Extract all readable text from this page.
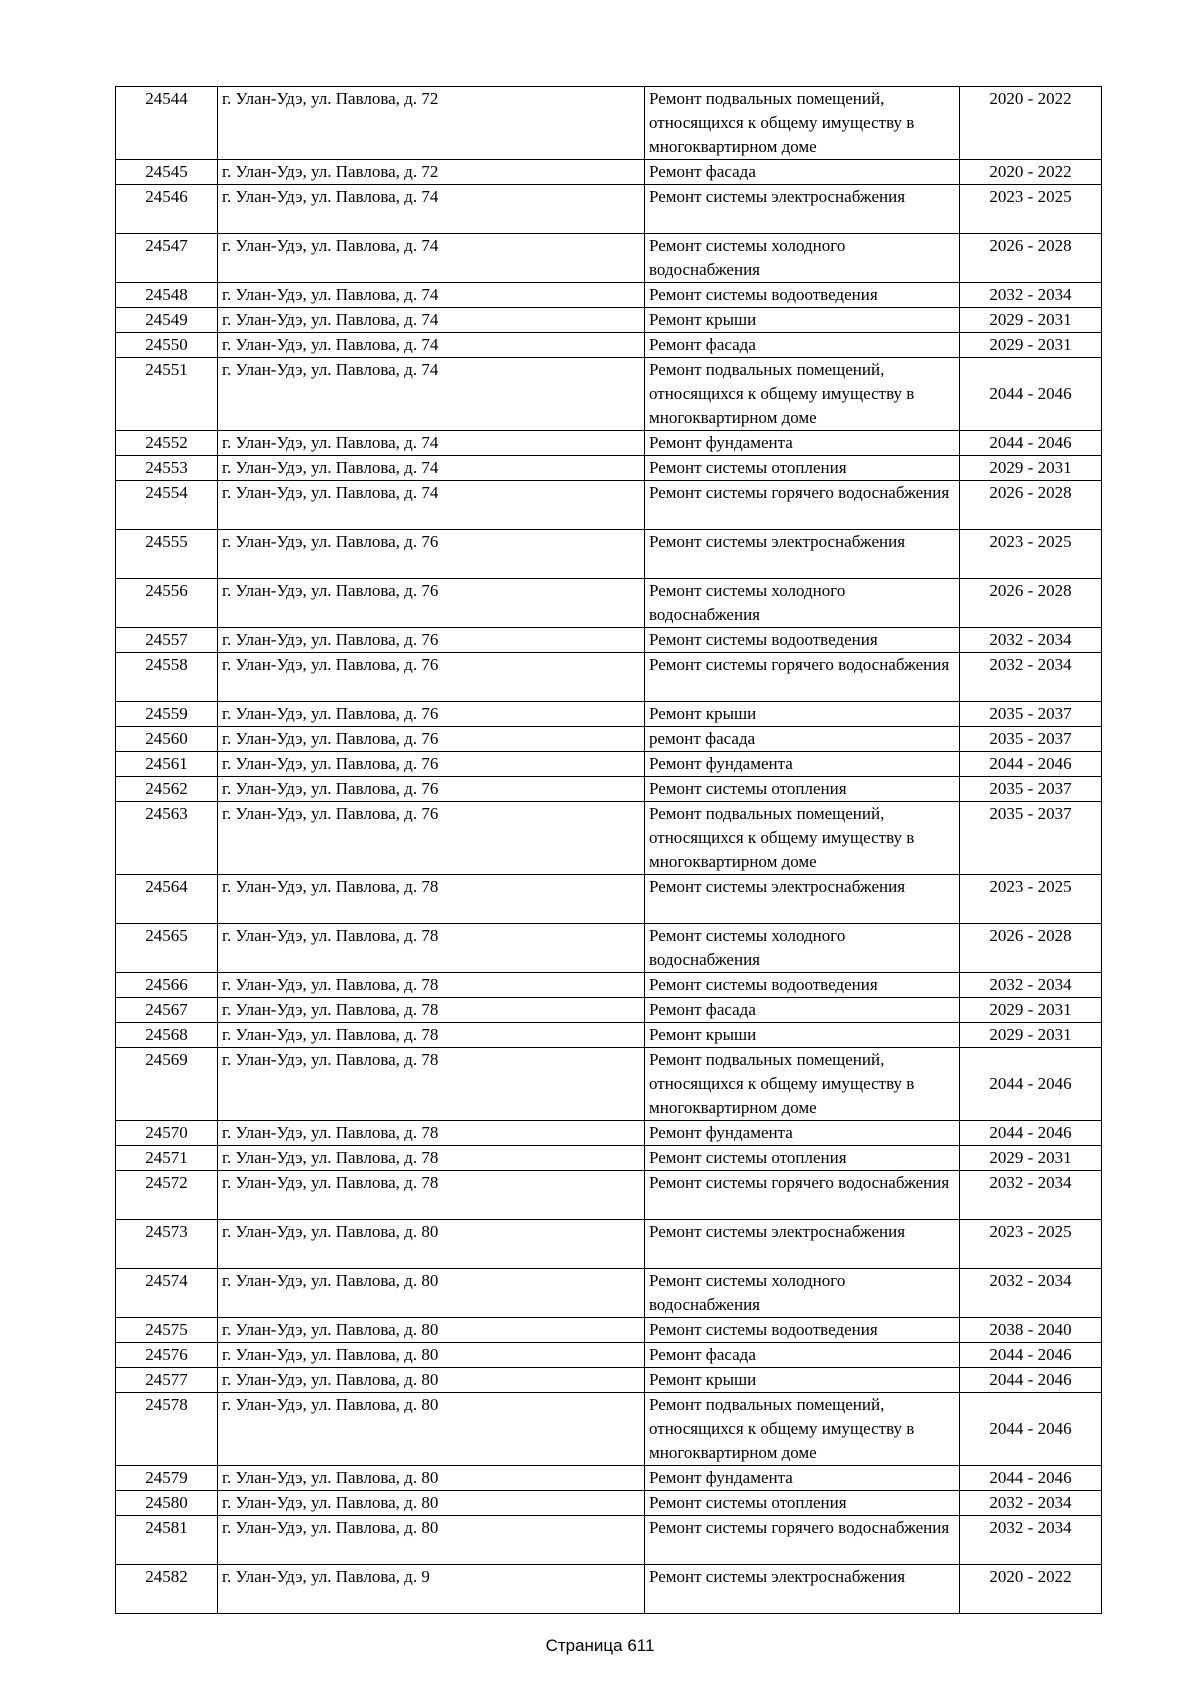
24544	г. Улан-Удэ, ул. Павлова, д. 72	Ремонт подвальных помещений, относящихся к общему имуществу в многоквартирном доме	2020 - 2022
24545	г. Улан-Удэ, ул. Павлова, д. 72	Ремонт фасада	2020 - 2022
24546	г. Улан-Удэ, ул. Павлова, д. 74	Ремонт системы электроснабжения	2023 - 2025
24547	г. Улан-Удэ, ул. Павлова, д. 74	Ремонт системы холодного водоснабжения	2026 - 2028
24548	г. Улан-Удэ, ул. Павлова, д. 74	Ремонт системы водоотведения	2032 - 2034
24549	г. Улан-Удэ, ул. Павлова, д. 74	Ремонт крыши	2029 - 2031
24550	г. Улан-Удэ, ул. Павлова, д. 74	Ремонт фасада	2029 - 2031
24551	г. Улан-Удэ, ул. Павлова, д. 74	Ремонт подвальных помещений, относящихся к общему имуществу в многоквартирном доме	2044 - 2046
24552	г. Улан-Удэ, ул. Павлова, д. 74	Ремонт фундамента	2044 - 2046
24553	г. Улан-Удэ, ул. Павлова, д. 74	Ремонт системы отопления	2029 - 2031
24554	г. Улан-Удэ, ул. Павлова, д. 74	Ремонт системы горячего водоснабжения	2026 - 2028
24555	г. Улан-Удэ, ул. Павлова, д. 76	Ремонт системы электроснабжения	2023 - 2025
24556	г. Улан-Удэ, ул. Павлова, д. 76	Ремонт системы холодного водоснабжения	2026 - 2028
24557	г. Улан-Удэ, ул. Павлова, д. 76	Ремонт системы водоотведения	2032 - 2034
24558	г. Улан-Удэ, ул. Павлова, д. 76	Ремонт системы горячего водоснабжения	2032 - 2034
24559	г. Улан-Удэ, ул. Павлова, д. 76	Ремонт крыши	2035 - 2037
24560	г. Улан-Удэ, ул. Павлова, д. 76	ремонт фасада	2035 - 2037
24561	г. Улан-Удэ, ул. Павлова, д. 76	Ремонт фундамента	2044 - 2046
24562	г. Улан-Удэ, ул. Павлова, д. 76	Ремонт системы отопления	2035 - 2037
24563	г. Улан-Удэ, ул. Павлова, д. 76	Ремонт подвальных помещений, относящихся к общему имуществу в многоквартирном доме	2035 - 2037
24564	г. Улан-Удэ, ул. Павлова, д. 78	Ремонт системы электроснабжения	2023 - 2025
24565	г. Улан-Удэ, ул. Павлова, д. 78	Ремонт системы холодного водоснабжения	2026 - 2028
24566	г. Улан-Удэ, ул. Павлова, д. 78	Ремонт системы водоотведения	2032 - 2034
24567	г. Улан-Удэ, ул. Павлова, д. 78	Ремонт фасада	2029 - 2031
24568	г. Улан-Удэ, ул. Павлова, д. 78	Ремонт крыши	2029 - 2031
24569	г. Улан-Удэ, ул. Павлова, д. 78	Ремонт подвальных помещений, относящихся к общему имуществу в многоквартирном доме	2044 - 2046
24570	г. Улан-Удэ, ул. Павлова, д. 78	Ремонт фундамента	2044 - 2046
24571	г. Улан-Удэ, ул. Павлова, д. 78	Ремонт системы отопления	2029 - 2031
24572	г. Улан-Удэ, ул. Павлова, д. 78	Ремонт системы горячего водоснабжения	2032 - 2034
24573	г. Улан-Удэ, ул. Павлова, д. 80	Ремонт системы электроснабжения	2023 - 2025
24574	г. Улан-Удэ, ул. Павлова, д. 80	Ремонт системы холодного водоснабжения	2032 - 2034
24575	г. Улан-Удэ, ул. Павлова, д. 80	Ремонт системы водоотведения	2038 - 2040
24576	г. Улан-Удэ, ул. Павлова, д. 80	Ремонт фасада	2044 - 2046
24577	г. Улан-Удэ, ул. Павлова, д. 80	Ремонт крыши	2044 - 2046
24578	г. Улан-Удэ, ул. Павлова, д. 80	Ремонт подвальных помещений, относящихся к общему имуществу в многоквартирном доме	2044 - 2046
24579	г. Улан-Удэ, ул. Павлова, д. 80	Ремонт фундамента	2044 - 2046
24580	г. Улан-Удэ, ул. Павлова, д. 80	Ремонт системы отопления	2032 - 2034
24581	г. Улан-Удэ, ул. Павлова, д. 80	Ремонт системы горячего водоснабжения	2032 - 2034
24582	г. Улан-Удэ, ул. Павлова, д. 9	Ремонт системы электроснабжения	2020 - 2022
Страница 611
